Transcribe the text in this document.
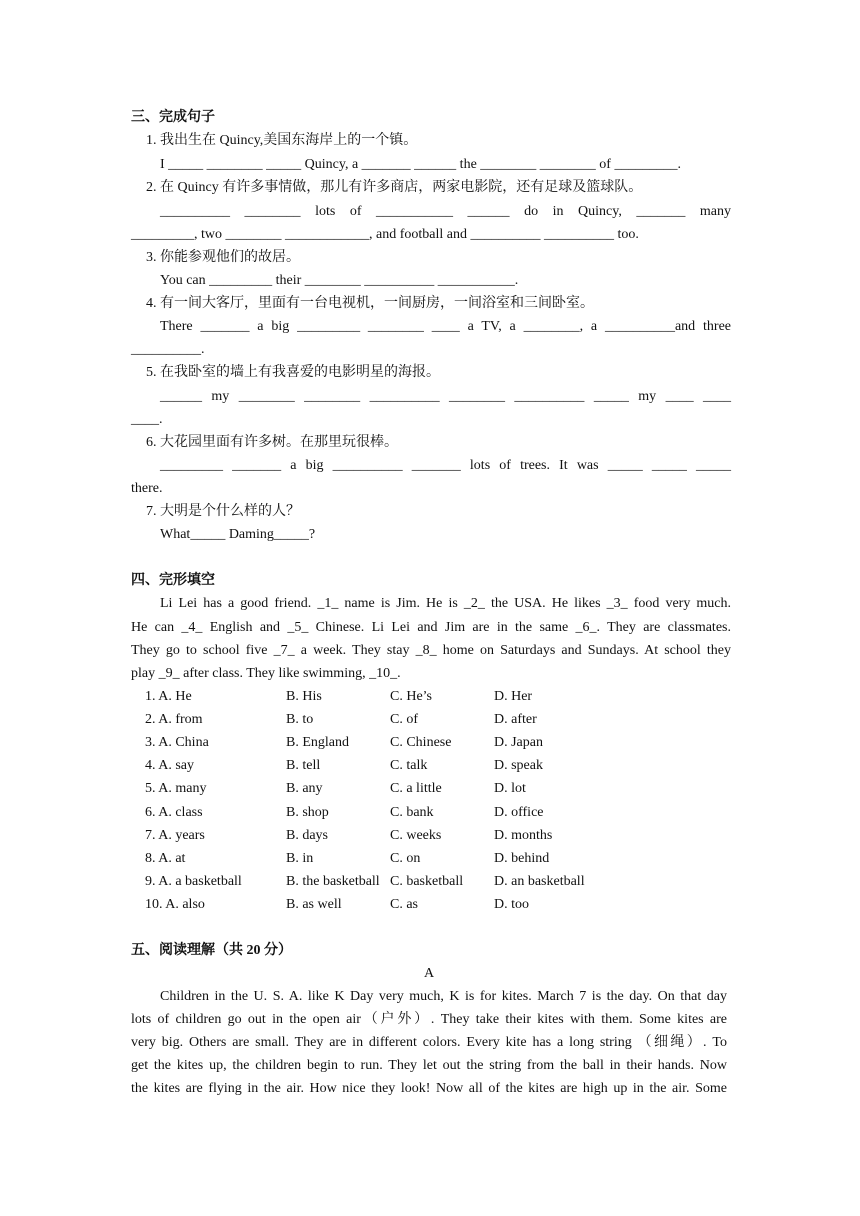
三、完成句子
1. 我出生在 Quincy,美国东海岸上的一个镇。
I _____ ________ _____ Quincy, a _______ ______ the ________ ________ of _________.
2. 在 Quincy 有许多事情做，那儿有许多商店，两家电影院，还有足球及篮球队。
__________ ________ lots of ___________ ______ do in Quincy, _______ many
_________, two ________ ____________, and football and __________ __________ too.
3. 你能参观他们的故居。
You can _________ their ________ __________ ___________.
4. 有一间大客厅，里面有一台电视机，一间厨房，一间浴室和三间卧室。
There _______ a big _________ ________ ____ a TV, a ________, a __________and three
__________.
5. 在我卧室的墙上有我喜爱的电影明星的海报。
______ my ________ ________ __________ ________ __________ _____ my ____ ____
____.
6. 大花园里面有许多树。在那里玩很棒。
_________ _______ a big __________ _______ lots of trees. It was _____ _____ _____
there.
7. 大明是个什么样的人？
What_____ Daming_____?
四、完形填空
Li Lei has a good friend. _1_ name is Jim. He is _2_ the USA. He likes _3_ food very much.
He can _4_ English and _5_ Chinese. Li Lei and Jim are in the same _6_. They are classmates.
They go to school five _7_ a week. They stay _8_ home on Saturdays and Sundays. At school they
play _9_ after class. They like swimming, _10_.
1. A. He	B. His	C. He’s	D. Her
2. A. from	B. to	C. of	D. after
3. A. China	B. England	C. Chinese	D. Japan
4. A. say	B. tell	C. talk	D. speak
5. A. many	B. any	C. a little	D. lot
6. A. class	B. shop	C. bank	D. office
7. A. years	B. days	C. weeks	D. months
8. A. at	B. in	C. on	D. behind
9. A. a basketball	B. the basketball C. basketball D. an basketball
10. A. also	B. as well	C. as	D. too
五、阅读理解（共 20 分）
A
Children in the U. S. A. like K Day very much, K is for kites. March 7 is the day. On that day
lots of children go out in the open air（户外）. They take their kites with them. Some kites are
very big. Others are small. They are in different colors. Every kite has a long string （细绳）. To
get the kites up, the children begin to run. They let out the string from the ball in their hands. Now
the kites are flying in the air. How nice they look! Now all of the kites are high up in the air. Some
